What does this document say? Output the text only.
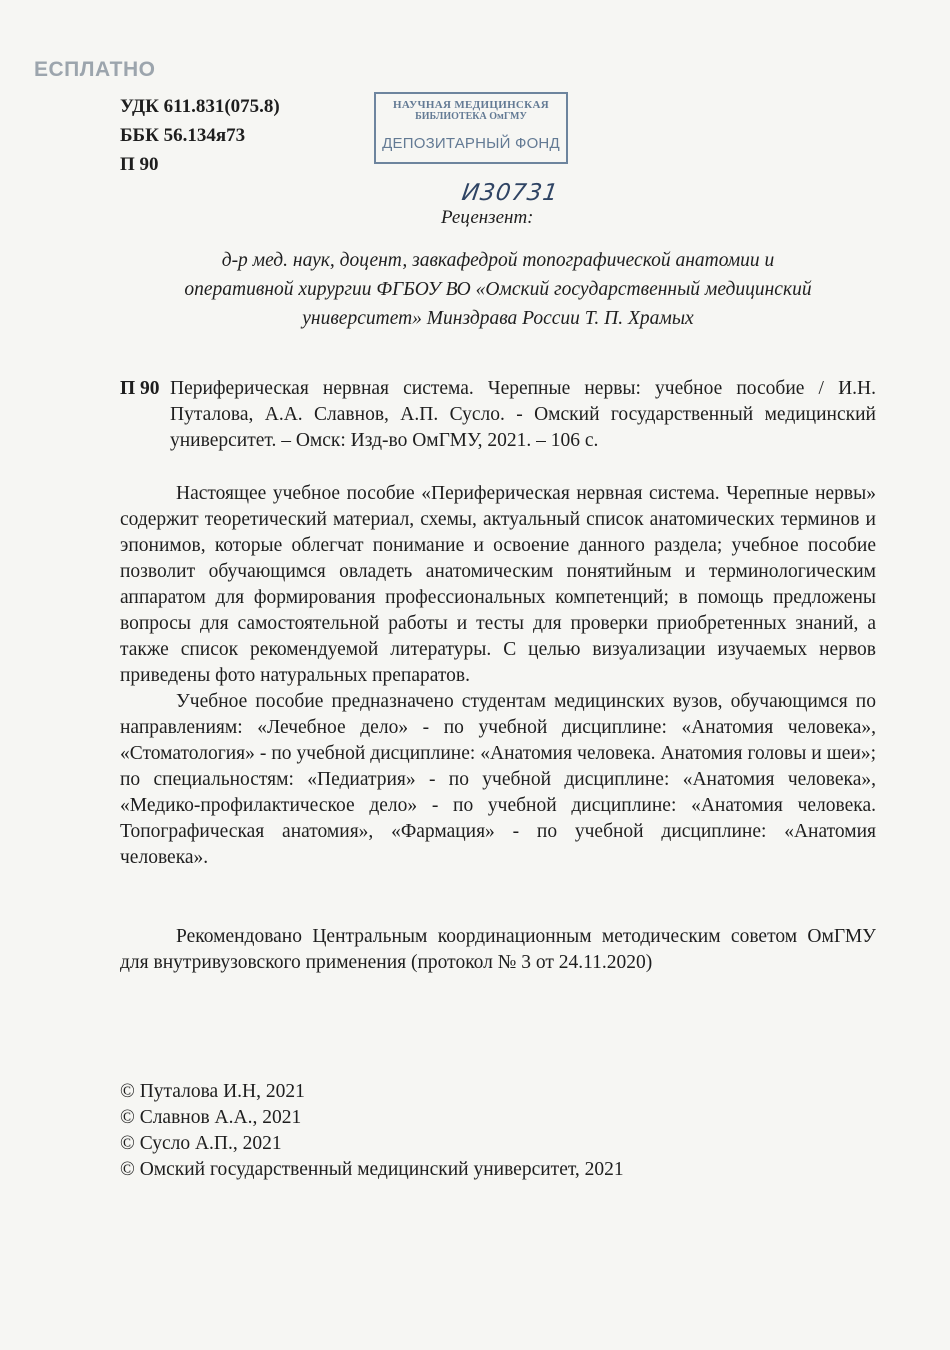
ЕСПЛАТНО
УДК 611.831(075.8)
ББК 56.134я73
П 90
НАУЧНАЯ МЕДИЦИНСКАЯ
БИБЛИОТЕКА ОмГМУ
ДЕПОЗИТАРНЫЙ ФОНД
И30731
Рецензент:
д-р мед. наук, доцент, завкафедрой топографической анатомии и
оперативной хирургии ФГБОУ ВО «Омский государственный медицинский
университет» Минздрава России Т. П. Храмых
П 90 Периферическая нервная система. Черепные нервы: учебное пособие / И.Н. Путалова, А.А. Славнов, А.П. Сусло. - Омский государственный медицинский университет. – Омск: Изд-во ОмГМУ, 2021. – 106 с.

Настоящее учебное пособие «Периферическая нервная система. Черепные нервы» содержит теоретический материал, схемы, актуальный список анатомических терминов и эпонимов, которые облегчат понимание и освоение данного раздела; учебное пособие позволит обучающимся овладеть анатомическим понятийным и терминологическим аппаратом для формирования профессиональных компетенций; в помощь предложены вопросы для самостоятельной работы и тесты для проверки приобретенных знаний, а также список рекомендуемой литературы. С целью визуализации изучаемых нервов приведены фото натуральных препаратов.

Учебное пособие предназначено студентам медицинских вузов, обучающимся по направлениям: «Лечебное дело» - по учебной дисциплине: «Анатомия человека», «Стоматология» - по учебной дисциплине: «Анатомия человека. Анатомия головы и шеи»; по специальностям: «Педиатрия» - по учебной дисциплине: «Анатомия человека», «Медико-профилактическое дело» - по учебной дисциплине: «Анатомия человека. Топографическая анатомия», «Фармация» - по учебной дисциплине: «Анатомия человека».

Рекомендовано Центральным координационным методическим советом ОмГМУ для внутривузовского применения (протокол № 3 от 24.11.2020)

© Путалова И.Н, 2021
© Славнов А.А., 2021
© Сусло А.П., 2021
© Омский государственный медицинский университет, 2021
